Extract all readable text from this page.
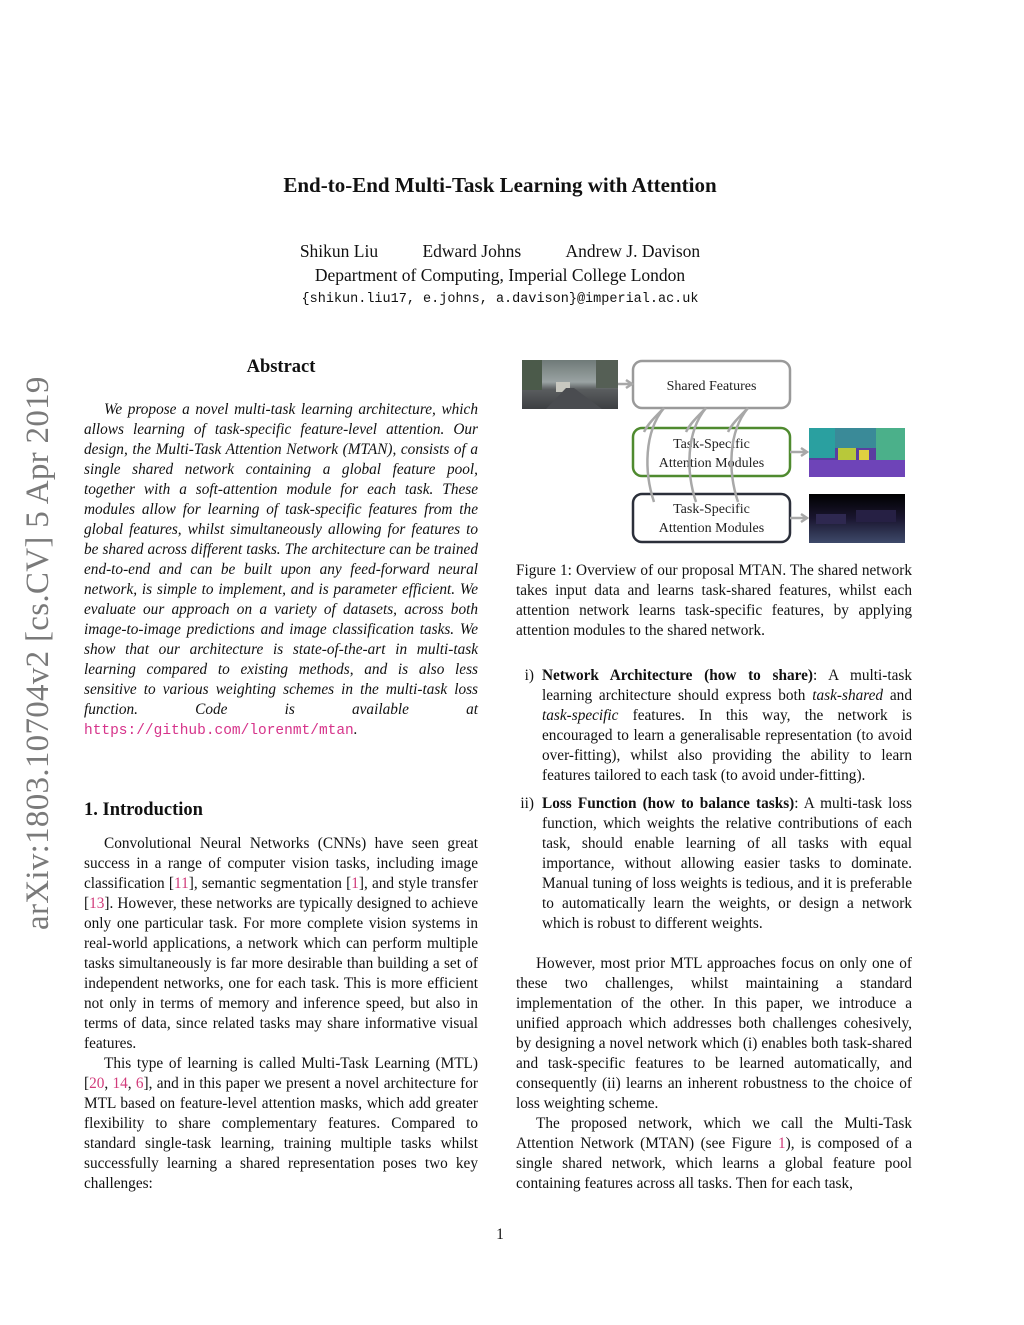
End-to-End Multi-Task Learning with Attention
Shikun Liu	Edward Johns	Andrew J. Davison
Department of Computing, Imperial College London
{shikun.liu17, e.johns, a.davison}@imperial.ac.uk
arXiv:1803.10704v2 [cs.CV] 5 Apr 2019
Abstract

We propose a novel multi-task learning architecture, which allows learning of task-specific feature-level attention. Our design, the Multi-Task Attention Network (MTAN), consists of a single shared network containing a global feature pool, together with a soft-attention module for each task. These modules allow for learning of task-specific features from the global features, whilst simultaneously allowing for features to be shared across different tasks. The architecture can be trained end-to-end and can be built upon any feed-forward neural network, is simple to implement, and is parameter efficient. We evaluate our approach on a variety of datasets, across both image-to-image predictions and image classification tasks. We show that our architecture is state-of-the-art in multi-task learning compared to existing methods, and is also less sensitive to various weighting schemes in the multi-task loss function. Code is available at https://github.com/lorenmt/mtan.

1. Introduction

Convolutional Neural Networks (CNNs) have seen great success in a range of computer vision tasks, including image classification [11], semantic segmentation [1], and style transfer [13]. However, these networks are typically designed to achieve only one particular task. For more complete vision systems in real-world applications, a network which can perform multiple tasks simultaneously is far more desirable than building a set of independent networks, one for each task. This is more efficient not only in terms of memory and inference speed, but also in terms of data, since related tasks may share informative visual features.

This type of learning is called Multi-Task Learning (MTL) [20, 14, 6], and in this paper we present a novel architecture for MTL based on feature-level attention masks, which add greater flexibility to share complementary features. Compared to standard single-task learning, training multiple tasks whilst successfully learning a shared representation poses two key challenges:

Shared Features
Task-Specific
Attention Modules
Task-Specific
Attention Modules
Figure 1: Overview of our proposal MTAN. The shared network takes input data and learns task-shared features, whilst each attention network learns task-specific features, by applying attention modules to the shared network.
i) Network Architecture (how to share): A multi-task learning architecture should express both task-shared and task-specific features. In this way, the network is encouraged to learn a generalisable representation (to avoid over-fitting), whilst also providing the ability to learn features tailored to each task (to avoid under-fitting).
ii) Loss Function (how to balance tasks): A multi-task loss function, which weights the relative contributions of each task, should enable learning of all tasks with equal importance, without allowing easier tasks to dominate. Manual tuning of loss weights is tedious, and it is preferable to automatically learn the weights, or design a network which is robust to different weights.

However, most prior MTL approaches focus on only one of these two challenges, whilst maintaining a standard implementation of the other. In this paper, we introduce a unified approach which addresses both challenges cohesively, by designing a novel network which (i) enables both task-shared and task-specific features to be learned automatically, and consequently (ii) learns an inherent robustness to the choice of loss weighting scheme.

The proposed network, which we call the Multi-Task Attention Network (MTAN) (see Figure 1), is composed of a single shared network, which learns a global feature pool containing features across all tasks. Then for each task,

1
